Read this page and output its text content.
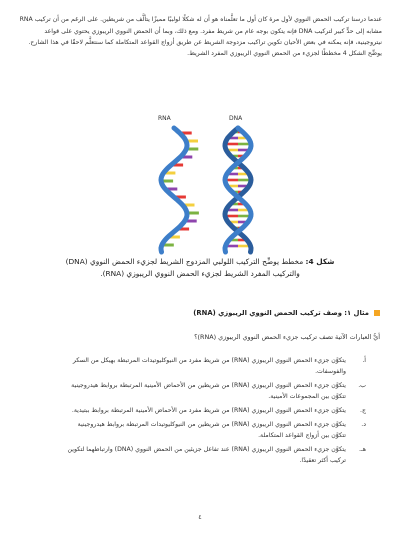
عندما درسنا تركيب الحمض النووي لأول مرة كان أول ما تعلَّمناه هو أن له شكلًا لولبيًا مميزًا يتألَّف من شريطين. على الرغم من أن تركيب RNA مشابه إلى حدٍّ كبير لتركيب DNA فإنه يتكون بوجه عام من شريط مفرد. ومع ذلك، وبما أن الحمض النووي الريبوزي يحتوي على قواعد نيتروجينية، فإنه يمكنه في بعض الأحيان تكوين تراكيب مزدوجة الشريط عن طريق أزواج القواعد المتكاملة كما سنتعلَّم لاحقًا في هذا الشارح. يوضِّح الشكل 4 مخططًا لجزيء من الحمض النووي الريبوزي المفرد الشريط.

RNA	DNA
شكل 4: مخطط يوضِّح التركيب اللولبي المزدوج الشريط لجزيء الحمض النووي (DNA)
والتركيب المفرد الشريط لجزيء الحمض النووي الريبوزي (RNA).
مثال ١: وصف تركيب الحمض النووي الريبوزي (RNA)
أيُّ العبارات الآتية تصف تركيب جزيء الحمض النووي الريبوزي (RNA)؟
أ.
يتكوَّن جزيء الحمض النووي الريبوزي (RNA) من شريط مفرد من النيوكليوتيدات المرتبطة بهيكل من السكر والفوسفات.
ب.
يتكوَّن جزيء الحمض النووي الريبوزي (RNA) من شريطين من الأحماض الأمينية المرتبطة بروابط هيدروجينية تتكوَّن بين المجموعات الأمينية.
ج.
يتكوَّن جزيء الحمض النووي الريبوزي (RNA) من شريط مفرد من الأحماض الأمينية المرتبطة بروابط ببتيدية.
د.
يتكوَّن جزيء الحمض النووي الريبوزي (RNA) من شريطين من النيوكليوتيدات المرتبطة بروابط هيدروجينية تتكوَّن بين أزواج القواعد المتكاملة.
هـ.
يتكوَّن جزيء الحمض النووي الريبوزي (RNA) عند تفاعل جزيئين من الحمض النووي (DNA) وارتباطهما لتكوين تركيب أكثر تعقيدًا.
٤
